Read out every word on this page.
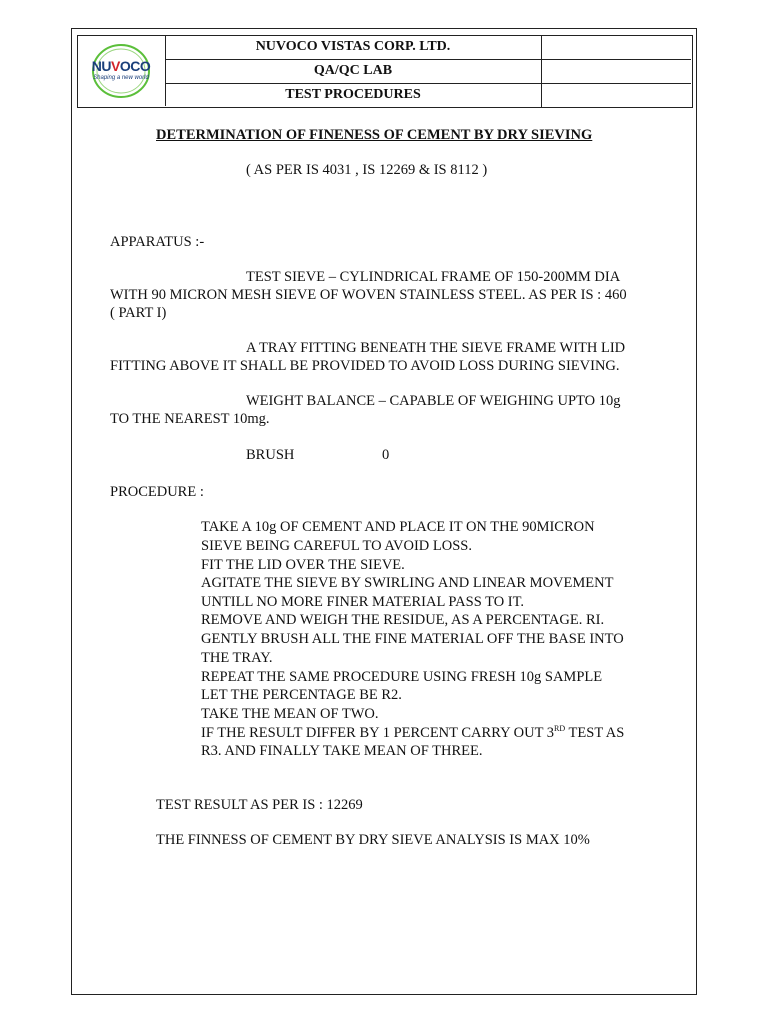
NUVOCO
Shaping a new world
NUVOCO VISTAS CORP. LTD.
QA/QC LAB
TEST PROCEDURES
DETERMINATION OF FINENESS OF CEMENT BY DRY SIEVING
( AS PER IS 4031 , IS 12269 & IS 8112 )
APPARATUS :-
TEST SIEVE – CYLINDRICAL FRAME OF 150-200MM DIA
WITH 90 MICRON MESH SIEVE OF WOVEN STAINLESS STEEL. AS PER IS : 460
( PART I)
A TRAY FITTING BENEATH THE SIEVE FRAME WITH LID
FITTING ABOVE IT SHALL BE PROVIDED TO AVOID LOSS DURING SIEVING.
WEIGHT BALANCE – CAPABLE OF WEIGHING UPTO 10g
TO THE NEAREST 10mg.
BRUSH	0
PROCEDURE :
TAKE A 10g OF CEMENT AND PLACE IT ON THE 90MICRON
SIEVE BEING CAREFUL TO AVOID LOSS.
FIT THE LID OVER THE SIEVE.
AGITATE THE SIEVE BY SWIRLING AND LINEAR MOVEMENT
UNTILL NO MORE FINER MATERIAL PASS TO IT.
REMOVE AND WEIGH THE RESIDUE, AS A PERCENTAGE. RI.
GENTLY BRUSH ALL THE FINE MATERIAL OFF THE BASE INTO
THE TRAY.
REPEAT THE SAME PROCEDURE USING FRESH 10g SAMPLE
LET THE PERCENTAGE BE R2.
TAKE THE MEAN OF TWO.
IF THE RESULT DIFFER BY 1 PERCENT CARRY OUT 3RD TEST AS
R3. AND FINALLY TAKE MEAN OF THREE.
TEST RESULT AS PER IS : 12269
THE FINNESS OF CEMENT BY DRY SIEVE ANALYSIS IS MAX 10%
